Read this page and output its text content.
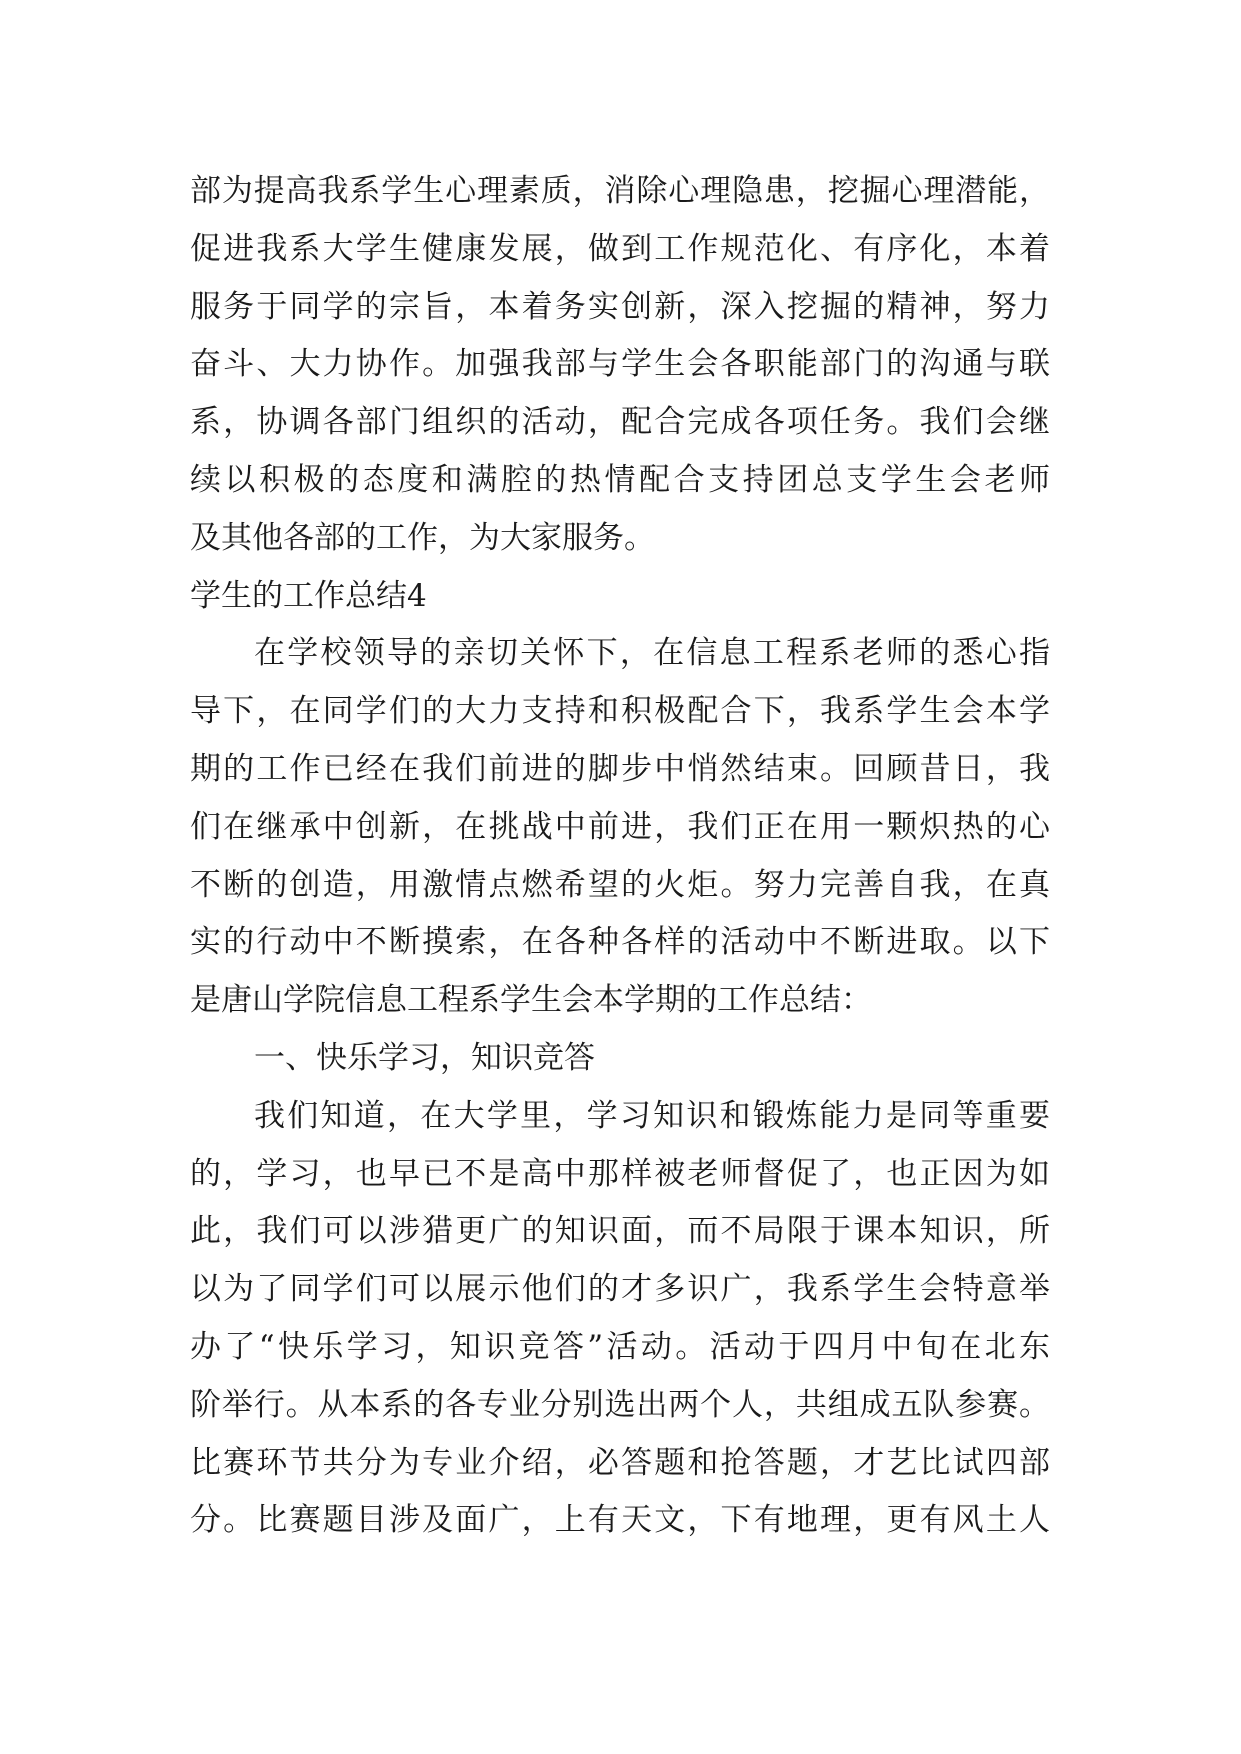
部为提高我系学生心理素质，消除心理隐患，挖掘心理潜能，
促进我系大学生健康发展，做到工作规范化、有序化，本着
服务于同学的宗旨，本着务实创新，深入挖掘的精神，努力
奋斗、大力协作。加强我部与学生会各职能部门的沟通与联
系，协调各部门组织的活动，配合完成各项任务。我们会继
续以积极的态度和满腔的热情配合支持团总支学生会老师
及其他各部的工作，为大家服务。
学生的工作总结4
在学校领导的亲切关怀下，在信息工程系老师的悉心指
导下，在同学们的大力支持和积极配合下，我系学生会本学
期的工作已经在我们前进的脚步中悄然结束。回顾昔日，我
们在继承中创新，在挑战中前进，我们正在用一颗炽热的心
不断的创造，用激情点燃希望的火炬。努力完善自我，在真
实的行动中不断摸索，在各种各样的活动中不断进取。以下
是唐山学院信息工程系学生会本学期的工作总结：
一、快乐学习，知识竞答
我们知道，在大学里，学习知识和锻炼能力是同等重要
的，学习，也早已不是高中那样被老师督促了，也正因为如
此，我们可以涉猎更广的知识面，而不局限于课本知识，所
以为了同学们可以展示他们的才多识广，我系学生会特意举
办了“快乐学习，知识竞答”活动。活动于四月中旬在北东
阶举行。从本系的各专业分别选出两个人，共组成五队参赛。
比赛环节共分为专业介绍，必答题和抢答题，才艺比试四部
分。比赛题目涉及面广，上有天文，下有地理，更有风土人
